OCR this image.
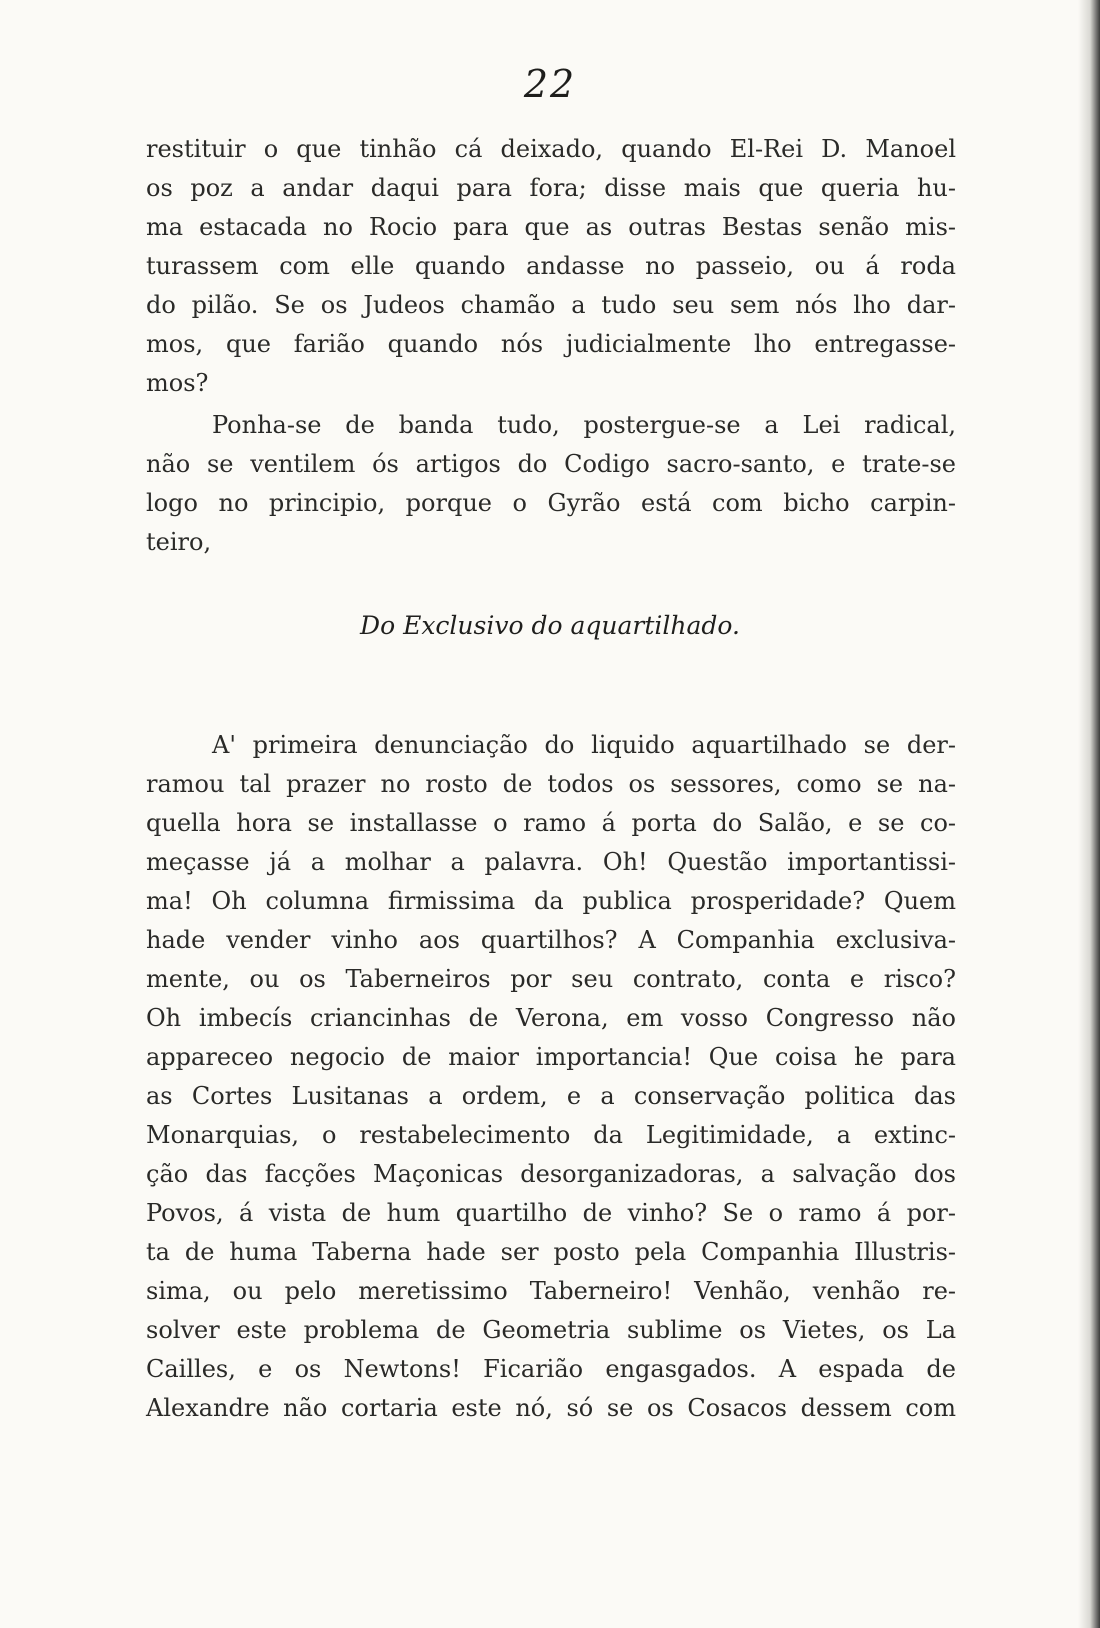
22
restituir o que tinhão cá deixado, quando El-Rei D. Manoel
os poz a andar daqui para fora; disse mais que queria hu-
ma estacada no Rocio para que as outras Bestas senão mis-
turassem com elle quando andasse no passeio, ou á roda
do pilão. Se os Judeos chamão a tudo seu sem nós lho dar-
mos, que farião quando nós judicialmente lho entregasse-
mos?
Ponha-se de banda tudo, postergue-se a Lei radical,
não se ventilem ós artigos do Codigo sacro-santo, e trate-se
logo no principio, porque o Gyrão está com bicho carpin-
teiro,
Do Exclusivo do aquartilhado.
A' primeira denunciação do liquido aquartilhado se der-
ramou tal prazer no rosto de todos os sessores, como se na-
quella hora se installasse o ramo á porta do Salão, e se co-
meçasse já a molhar a palavra. Oh! Questão importantissi-
ma! Oh columna firmissima da publica prosperidade? Quem
hade vender vinho aos quartilhos? A Companhia exclusiva-
mente, ou os Taberneiros por seu contrato, conta e risco?
Oh imbecís criancinhas de Verona, em vosso Congresso não
appareceo negocio de maior importancia! Que coisa he para
as Cortes Lusitanas a ordem, e a conservação politica das
Monarquias, o restabelecimento da Legitimidade, a extinc-
ção das facções Maçonicas desorganizadoras, a salvação dos
Povos, á vista de hum quartilho de vinho? Se o ramo á por-
ta de huma Taberna hade ser posto pela Companhia Illustris-
sima, ou pelo meretissimo Taberneiro! Venhão, venhão re-
solver este problema de Geometria sublime os Vietes, os La
Cailles, e os Newtons! Ficarião engasgados. A espada de
Alexandre não cortaria este nó, só se os Cosacos dessem com
